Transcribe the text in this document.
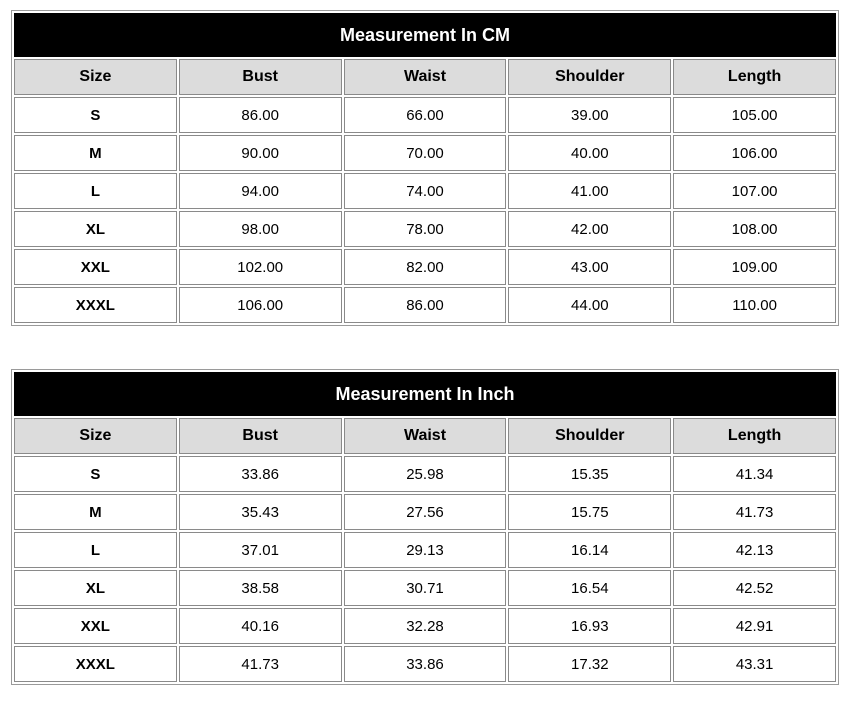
Measurement In CM				
Size	Bust	Waist	Shoulder	Length
S	86.00	66.00	39.00	105.00
M	90.00	70.00	40.00	106.00
L	94.00	74.00	41.00	107.00
XL	98.00	78.00	42.00	108.00
XXL	102.00	82.00	43.00	109.00
XXXL	106.00	86.00	44.00	110.00
Measurement In Inch				
Size	Bust	Waist	Shoulder	Length
S	33.86	25.98	15.35	41.34
M	35.43	27.56	15.75	41.73
L	37.01	29.13	16.14	42.13
XL	38.58	30.71	16.54	42.52
XXL	40.16	32.28	16.93	42.91
XXXL	41.73	33.86	17.32	43.31
